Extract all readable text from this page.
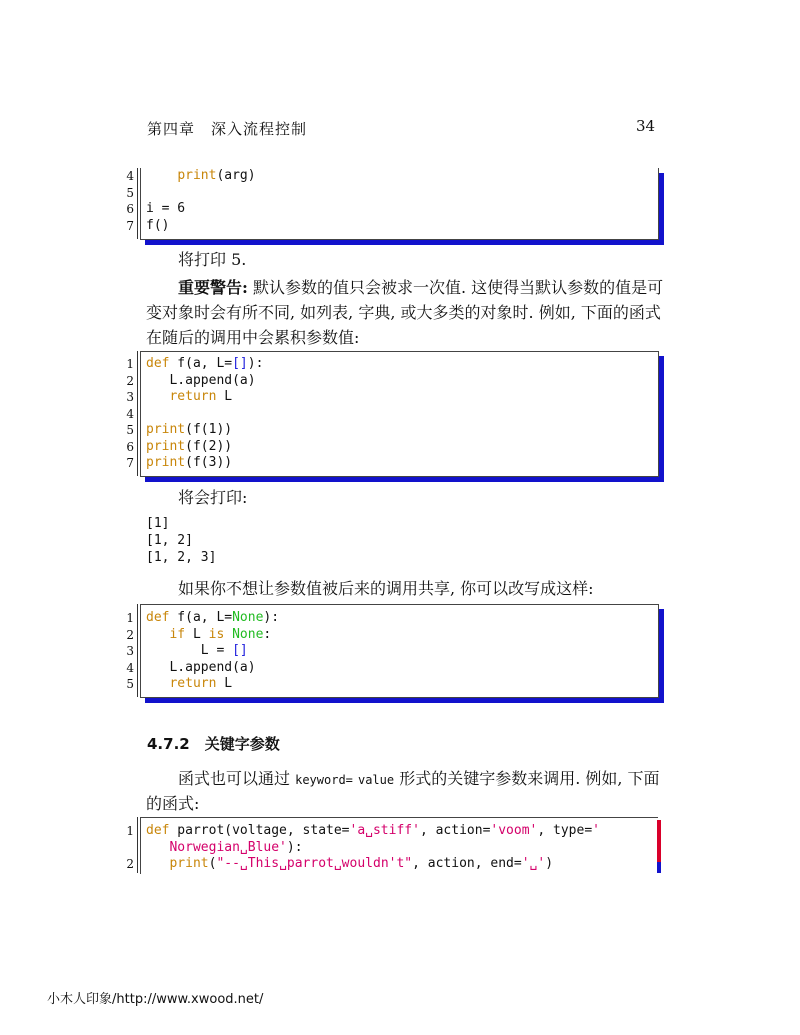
第四章　深入流程控制	34
4
5
6
7
print(arg)

i = 6
f()
将打印 5.
重要警告: 默认参数的值只会被求一次值. 这使得当默认参数的值是可
变对象时会有所不同, 如列表, 字典, 或大多类的对象时. 例如, 下面的函式
在随后的调用中会累积参数值:
1
2
3
4
5
6
7
def f(a, L=[]):
L.append(a)
return L

print(f(1))
print(f(2))
print(f(3))
将会打印:
[1]
[1, 2]
[1, 2, 3]
如果你不想让参数值被后来的调用共享, 你可以改写成这样:
1
2
3
4
5
def f(a, L=None):
if L is None:
L = []
L.append(a)
return L
4.7.2　关键字参数
函式也可以通过 keyword= value 形式的关键字参数来调用. 例如, 下面
的函式:
1
2
def parrot(voltage, state='a␣stiff', action='voom', type='
Norwegian␣Blue'):
print("--␣This␣parrot␣wouldn't", action, end='␣')
小木人印象/http://www.xwood.net/
